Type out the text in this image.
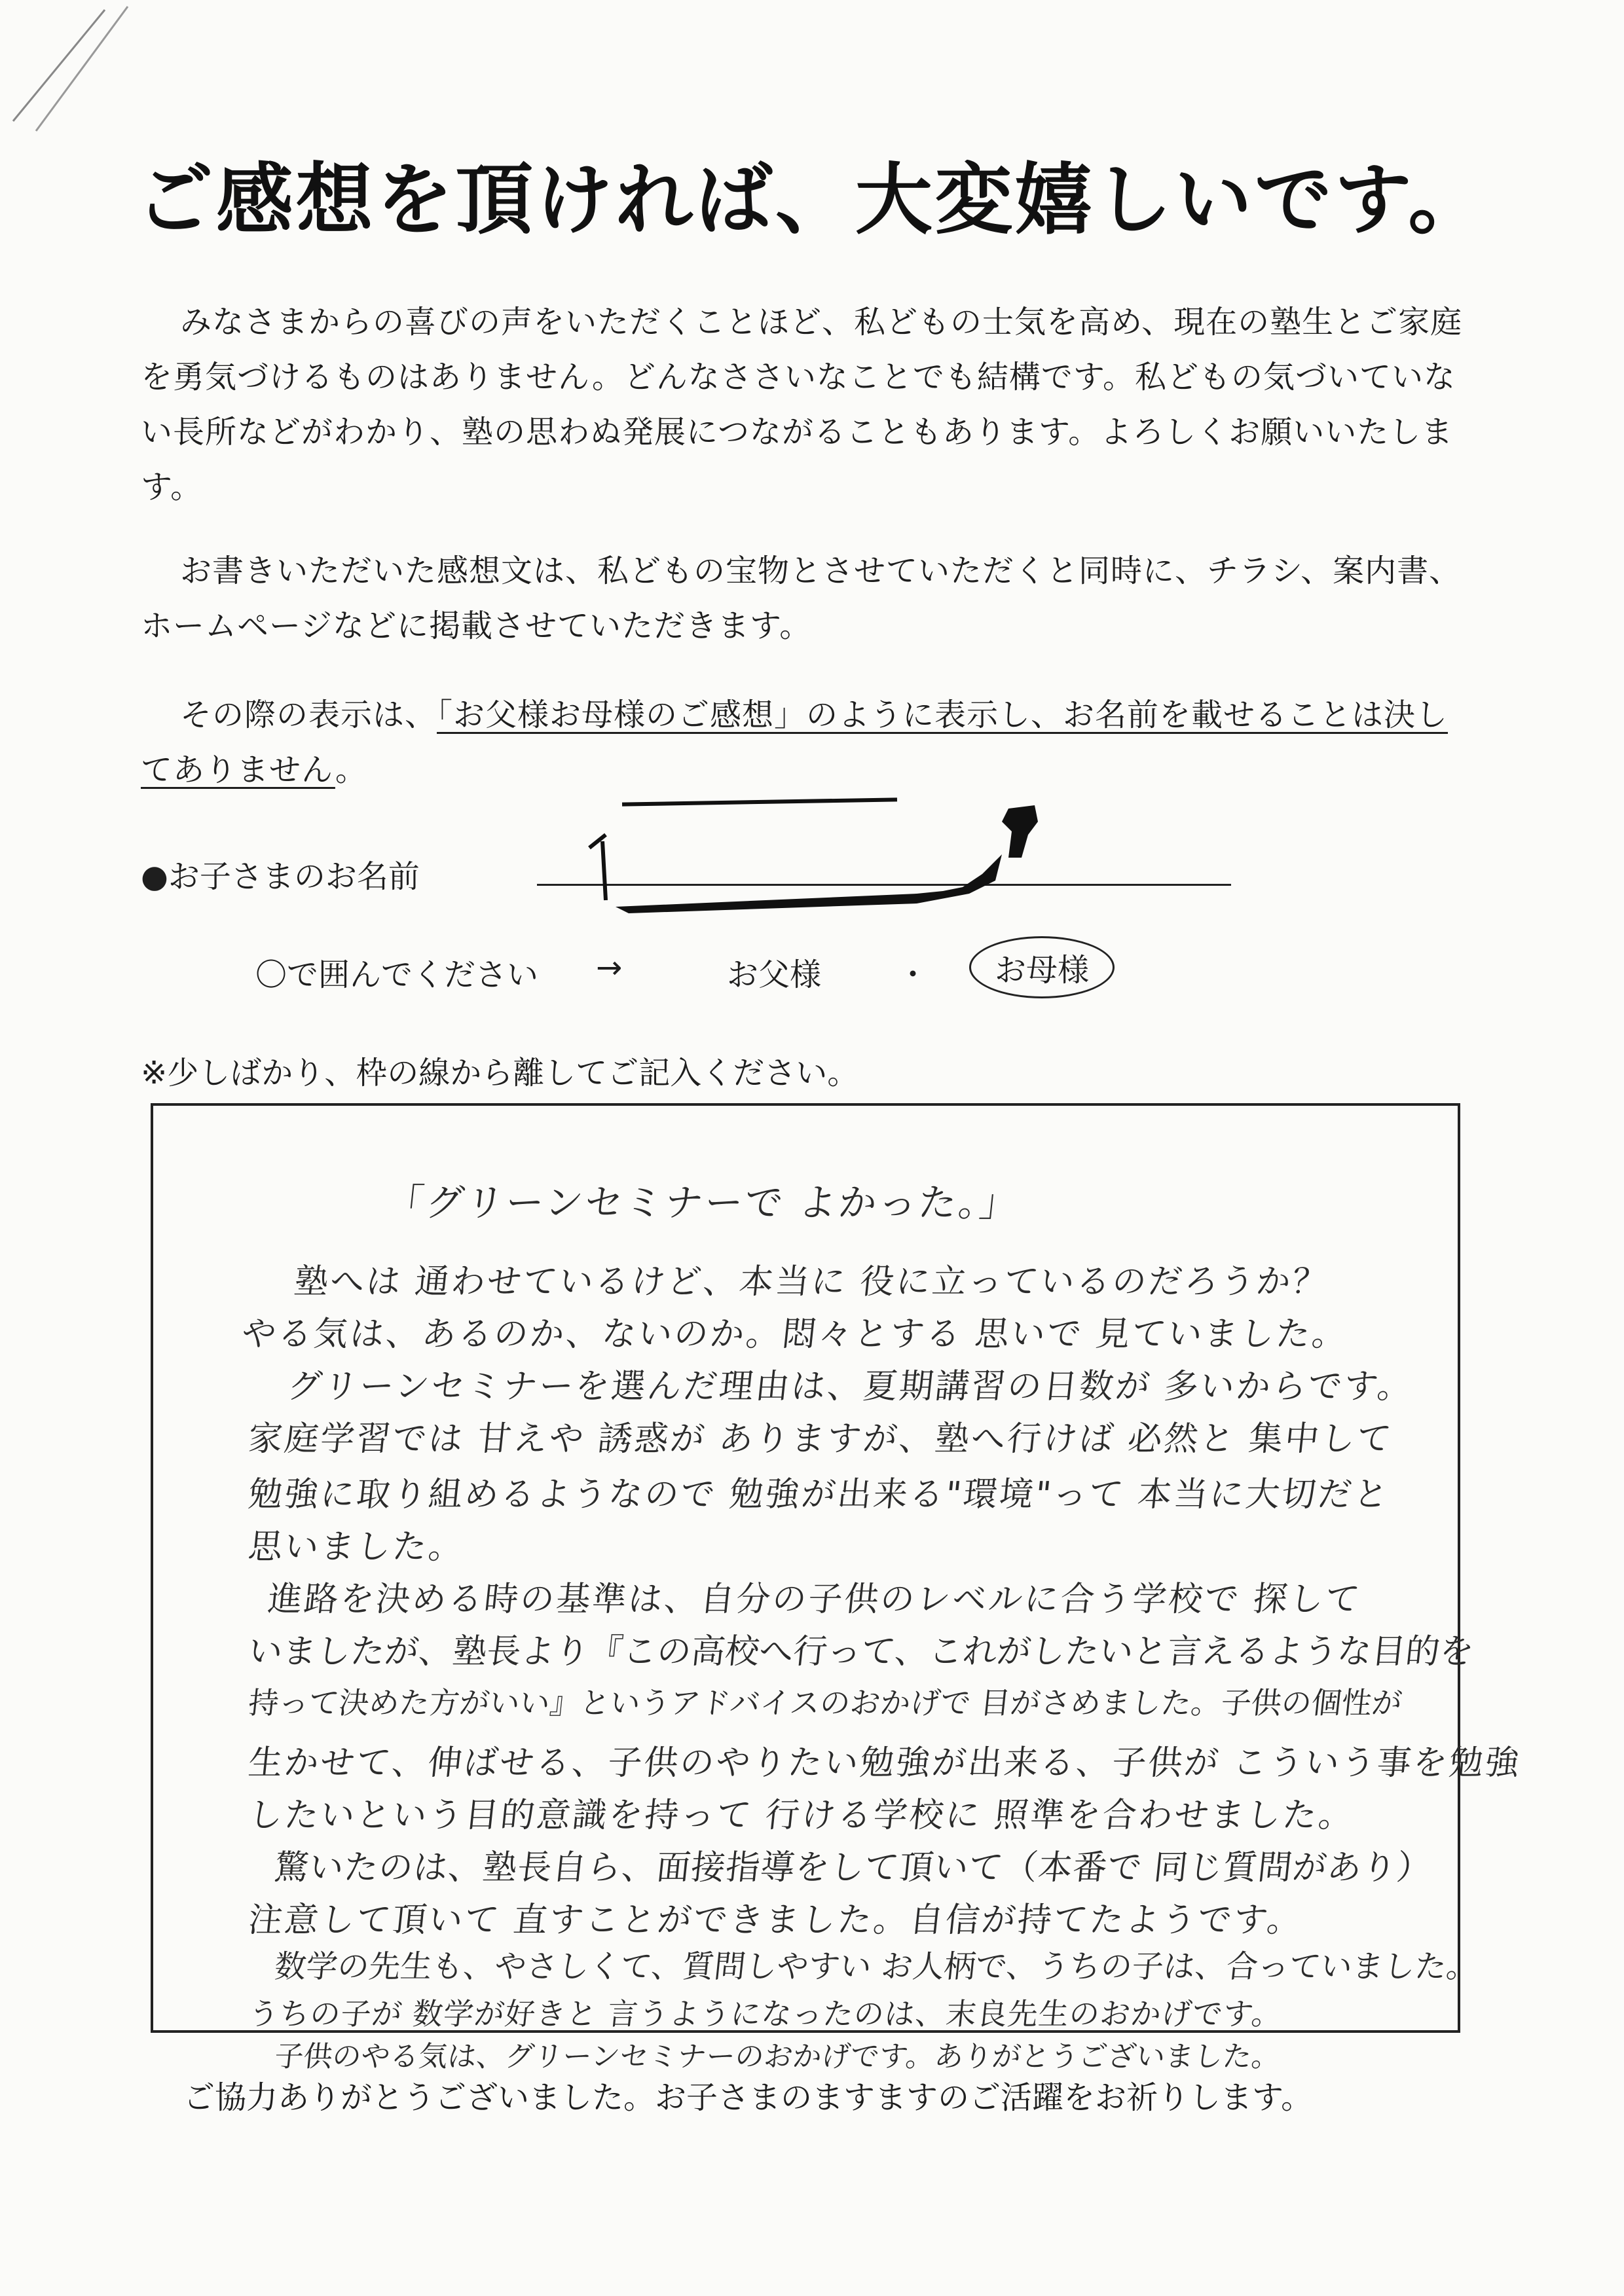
ご感想を頂ければ、大変嬉しいです。

みなさまからの喜びの声をいただくことほど、私どもの士気を高め、現在の塾生とご家庭を勇気づけるものはありません。どんなささいなことでも結構です。私どもの気づいていない長所などがわかり、塾の思わぬ発展につながることもあります。よろしくお願いいたします。

お書きいただいた感想文は、私どもの宝物とさせていただくと同時に、チラシ、案内書、ホームページなどに掲載させていただきます。

その際の表示は、「お父様お母様のご感想」のように表示し、お名前を載せることは決してありません。

●お子さまのお名前
〇で囲んでください →	お父様 ・	お母様
※少しばかり、枠の線から離してご記入ください。
「グリーンセミナーで よかった。」
塾へは 通わせているけど、本当に 役に立っているのだろうか？
やる気は、あるのか、ないのか。悶々とする 思いで 見ていました。
グリーンセミナーを選んだ理由は、夏期講習の日数が 多いからです。
家庭学習では 甘えや 誘惑が ありますが、塾へ行けば 必然と 集中して
勉強に取り組めるようなので 勉強が出来る"環境"って 本当に大切だと
思いました。
進路を決める時の基準は、自分の子供のレベルに合う学校で 探して
いましたが、塾長より『この高校へ行って、これがしたいと言えるような目的を
持って決めた方がいい』というアドバイスのおかげで 目がさめました。子供の個性が
生かせて、伸ばせる、子供のやりたい勉強が出来る、子供が こういう事を勉強
したいという目的意識を持って 行ける学校に 照準を合わせました。
驚いたのは、塾長自ら、面接指導をして頂いて（本番で 同じ質問があり）
注意して頂いて 直すことができました。自信が持てたようです。
数学の先生も、やさしくて、質問しやすい お人柄で、うちの子は、合っていました。
うちの子が 数学が好きと 言うようになったのは、末良先生のおかげです。
子供のやる気は、グリーンセミナーのおかげです。ありがとうございました。
ご協力ありがとうございました。お子さまのますますのご活躍をお祈りします。
